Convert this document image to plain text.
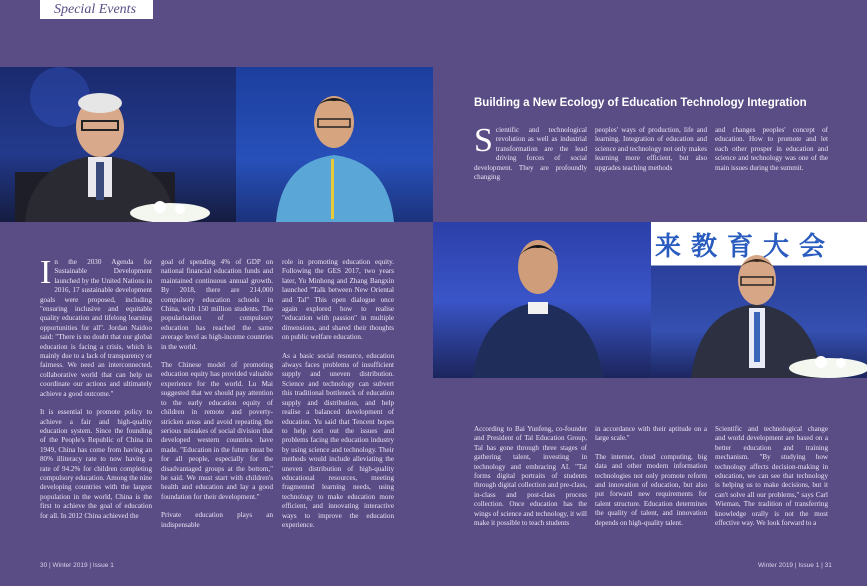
Special Events
来教育大会
Building a New Ecology of Education Technology Integration
S cientific and technological revolution as well as industrial transformation are the lead driving forces of social development. They are profoundly changing
peoples' ways of production, life and learning. Integration of education and science and technology not only makes learning more efficient, but also upgrades teaching methods
and changes peoples' concept of education. How to promote and let each other prosper in education and science and technology was one of the main issues during the summit.

In the 2030 Agenda for Sustainable Development launched by the United Nations in 2016, 17 sustainable development goals were proposed, including "ensuring inclusive and equitable quality education and lifelong learning opportunities for all". Jordan Naidoo said: "There is no doubt that our global education is facing a crisis, which is mainly due to a lack of transparency or fairness. We need an interconnected, collaborative world that can help us coordinate our actions and ultimately achieve a good outcome."

It is essential to promote policy to achieve a fair and high-quality education system. Since the founding of the People's Republic of China in 1949, China has come from having an 80% illiteracy rate to now having a rate of 94.2% for children completing compulsory education. Among the nine developing countries with the largest population in the world, China is the first to achieve the goal of education for all. In 2012 China achieved the

goal of spending 4% of GDP on national financial education funds and maintained continuous annual growth. By 2018, there are 214,000 compulsory education schools in China, with 150 million students. The popularisation of compulsory education has reached the same average level as high-income countries in the world.

The Chinese model of promoting education equity has provided valuable experience for the world. Lu Mai suggested that we should pay attention to the early education equity of children in remote and poverty-stricken areas and avoid repeating the serious mistakes of social division that developed western countries have made. "Education in the future must be for all people, especially for the disadvantaged groups at the bottom," he said. We must start with children's health and education and lay a good foundation for their development."

Private education plays an indispensable

role in promoting education equity. Following the GES 2017, two years later, Yu Minhong and Zhang Bangxin launched "Talk between New Oriental and Tal" This open dialogue once again explored how to realise "education with passion" in multiple dimensions, and shared their thoughts on public welfare education.

As a basic social resource, education always faces problems of insufficient supply and uneven distribution. Science and technology can subvert this traditional bottleneck of education supply and distribution, and help realise a balanced development of education. Yu said that Tencent hopes to help sort out the issues and problems facing the education industry by using science and technology. Their methods would include alleviating the uneven distribution of high-quality educational resources, meeting fragmented learning needs, using technology to make education more efficient, and innovating interactive ways to improve the education experience.

According to Bai Yunfeng, co-founder and President of Tal Education Group, Tal has gone through three stages of gathering talent, investing in technology and embracing AI. "Tal forms digital portraits of students through digital collection and pre-class, in-class and post-class process collection. Once education has the wings of science and technology, it will make it possible to teach students

in accordance with their aptitude on a large scale."

The internet, cloud computing, big data and other modern information technologies not only promote reform and innovation of education, but also put forward new requirements for talent structure. Education determines the quality of talent, and innovation depends on high-quality talent.

Scientific and technological change and world development are based on a better education and training mechanism. "By studying how technology affects decision-making in education, we can see that technology is helping us to make decisions, but it can't solve all our problems," says Carl Wieman, The tradition of transferring knowledge orally is not the most effective way. We look forward to a

30 | Winter 2019 | Issue 1	Winter 2019 | Issue 1 | 31
